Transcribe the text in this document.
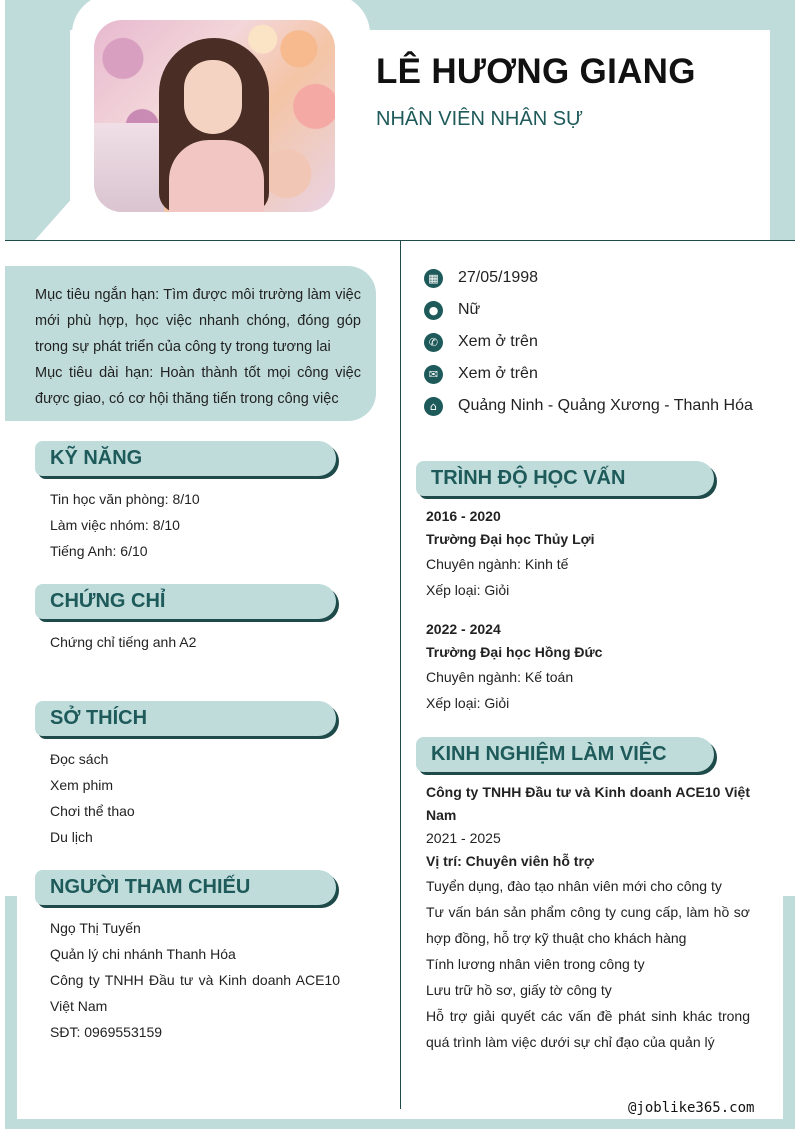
LÊ HƯƠNG GIANG
NHÂN VIÊN NHÂN SỰ

Mục tiêu ngắn hạn: Tìm được môi trường làm việc mới phù hợp, học việc nhanh chóng, đóng góp trong sự phát triển của công ty trong tương lai

Mục tiêu dài hạn: Hoàn thành tốt mọi công việc được giao, có cơ hội thăng tiến trong công việc

▦ 27/05/1998
● Nữ
✆	Xem ở trên
✉	Xem ở trên
⌂	Quảng Ninh - Quảng Xương - Thanh Hóa
KỸ NĂNG
Tin học văn phòng: 8/10
Làm việc nhóm: 8/10
Tiếng Anh: 6/10
CHỨNG CHỈ
Chứng chỉ tiếng anh A2
SỞ THÍCH
Đọc sách
Xem phim
Chơi thể thao
Du lịch
NGƯỜI THAM CHIẾU
Ngọ Thị Tuyến
Quản lý chi nhánh Thanh Hóa
Công ty TNHH Đầu tư và Kinh doanh ACE10 Việt Nam
SĐT: 0969553159
TRÌNH ĐỘ HỌC VẤN
2016 - 2020
Trường Đại học Thủy Lợi
Chuyên ngành: Kinh tế
Xếp loại: Giỏi
2022 - 2024
Trường Đại học Hồng Đức
Chuyên ngành: Kế toán
Xếp loại: Giỏi
KINH NGHIỆM LÀM VIỆC
Công ty TNHH Đầu tư và Kinh doanh ACE10 Việt Nam
2021 - 2025
Vị trí: Chuyên viên hỗ trợ
Tuyển dụng, đào tạo nhân viên mới cho công ty
Tư vấn bán sản phẩm công ty cung cấp, làm hồ sơ hợp đồng, hỗ trợ kỹ thuật cho khách hàng
Tính lương nhân viên trong công ty
Lưu trữ hồ sơ, giấy tờ công ty
Hỗ trợ giải quyết các vấn đề phát sinh khác trong quá trình làm việc dưới sự chỉ đạo của quản lý
@joblike365.com
